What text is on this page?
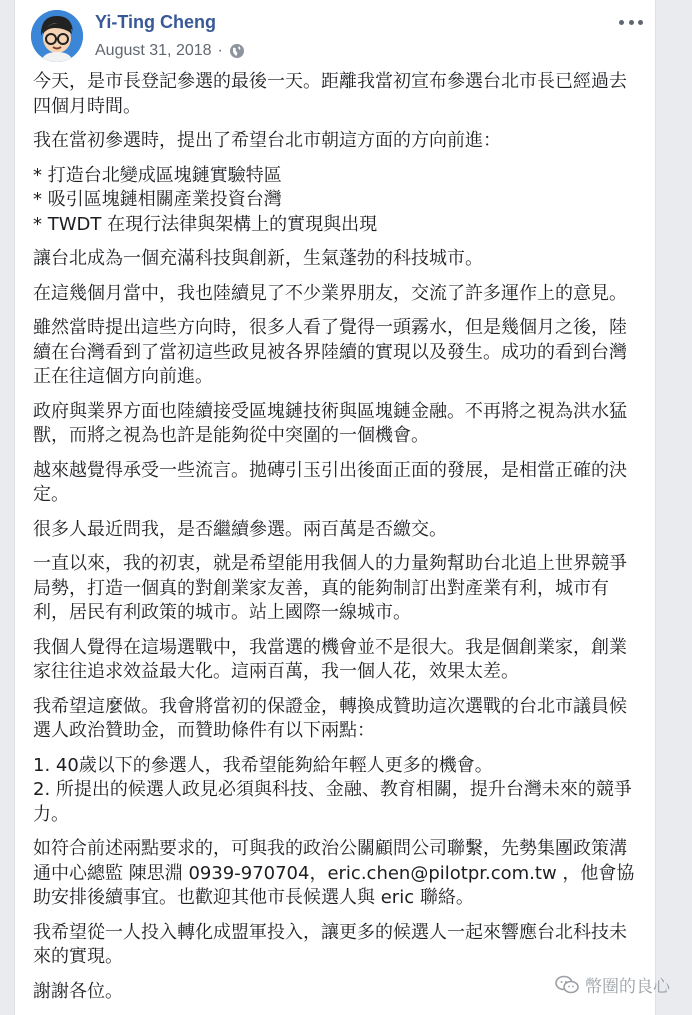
Yi-Ting Cheng
August 31, 2018 ·

今天，是市長登記參選的最後一天。距離我當初宣布參選台北市長已經過去四個月時間。

我在當初參選時，提出了希望台北市朝這方面的方向前進：

* 打造台北變成區塊鏈實驗特區
* 吸引區塊鏈相關產業投資台灣
* TWDT 在現行法律與架構上的實現與出現

讓台北成為一個充滿科技與創新，生氣蓬勃的科技城市。

在這幾個月當中，我也陸續見了不少業界朋友，交流了許多運作上的意見。

雖然當時提出這些方向時，很多人看了覺得一頭霧水，但是幾個月之後，陸續在台灣看到了當初這些政見被各界陸續的實現以及發生。成功的看到台灣正在往這個方向前進。

政府與業界方面也陸續接受區塊鏈技術與區塊鏈金融。不再將之視為洪水猛獸，而將之視為也許是能夠從中突圍的一個機會。

越來越覺得承受一些流言。拋磚引玉引出後面正面的發展，是相當正確的決定。

很多人最近問我，是否繼續參選。兩百萬是否繳交。

一直以來，我的初衷，就是希望能用我個人的力量夠幫助台北追上世界競爭局勢，打造一個真的對創業家友善，真的能夠制訂出對產業有利，城市有利，居民有利政策的城市。站上國際一線城市。

我個人覺得在這場選戰中，我當選的機會並不是很大。我是個創業家，創業家往往追求效益最大化。這兩百萬，我一個人花，效果太差。

我希望這麼做。我會將當初的保證金，轉換成贊助這次選戰的台北市議員候選人政治贊助金，而贊助條件有以下兩點：

1. 40歲以下的參選人，我希望能夠給年輕人更多的機會。
2. 所提出的候選人政見必須與科技、金融、教育相關，提升台灣未來的競爭力。

如符合前述兩點要求的，可與我的政治公關顧問公司聯繫，先勢集團政策溝通中心總監 陳思淵 0939-970704，eric.chen@pilotpr.com.tw ，他會協助安排後續事宜。也歡迎其他市長候選人與 eric 聯絡。

我希望從一人投入轉化成盟軍投入，讓更多的候選人一起來響應台北科技未來的實現。

謝謝各位。	幣圈的良心
